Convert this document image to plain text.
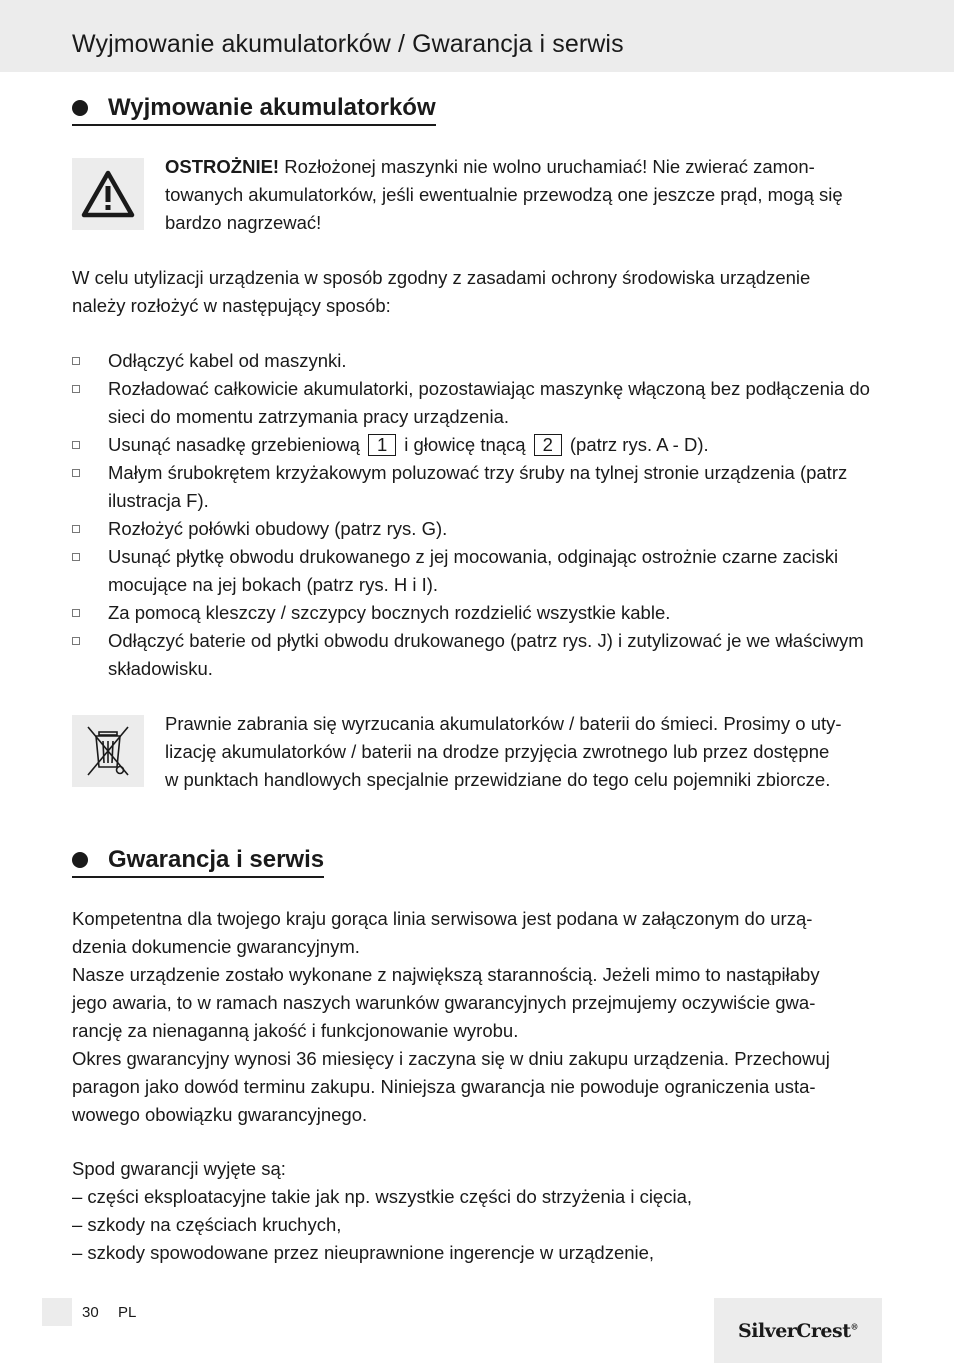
Wyjmowanie akumulatorków / Gwarancja i serwis
Wyjmowanie akumulatorków
OSTROŻNIE! Rozłożonej maszynki nie wolno uruchamiać! Nie zwierać zamon-
towanych akumulatorków, jeśli ewentualnie przewodzą one jeszcze prąd, mogą się
bardzo nagrzewać!
W celu utylizacji urządzenia w sposób zgodny z zasadami ochrony środowiska urządzenie
należy rozłożyć w następujący sposób:
Odłączyć kabel od maszynki.
Rozładować całkowicie akumulatorki, pozostawiając maszynkę włączoną bez podłączenia do sieci do momentu zatrzymania pracy urządzenia.
Usunąć nasadkę grzebieniową 1 i głowicę tnącą 2 (patrz rys. A - D).
Małym śrubokrętem krzyżakowym poluzować trzy śruby na tylnej stronie urządzenia (patrz ilustracja F).
Rozłożyć połówki obudowy (patrz rys. G).
Usunąć płytkę obwodu drukowanego z jej mocowania, odginając ostrożnie czarne zaciski mocujące na jej bokach (patrz rys. H i I).
Za pomocą kleszczy / szczypcy bocznych rozdzielić wszystkie kable.
Odłączyć baterie od płytki obwodu drukowanego (patrz rys. J) i zutylizować je we właściwym składowisku.
Prawnie zabrania się wyrzucania akumulatorków / baterii do śmieci. Prosimy o uty-
lizację akumulatorków / baterii na drodze przyjęcia zwrotnego lub przez dostępne
w punktach handlowych specjalnie przewidziane do tego celu pojemniki zbiorcze.
Gwarancja i serwis
Kompetentna dla twojego kraju gorąca linia serwisowa jest podana w załączonym do urzą-
dzenia dokumencie gwarancyjnym.
Nasze urządzenie zostało wykonane z największą starannością. Jeżeli mimo to nastąpiłaby
jego awaria, to w ramach naszych warunków gwarancyjnych przejmujemy oczywiście gwa-
rancję za nienaganną jakość i funkcjonowanie wyrobu.
Okres gwarancyjny wynosi 36 miesięcy i zaczyna się w dniu zakupu urządzenia. Przechowuj
paragon jako dowód terminu zakupu. Niniejsza gwarancja nie powoduje ograniczenia usta-
wowego obowiązku gwarancyjnego.
Spod gwarancji wyjęte są:
– części eksploatacyjne takie jak np. wszystkie części do strzyżenia i cięcia,
– szkody na częściach kruchych,
– szkody spowodowane przez nieuprawnione ingerencje w urządzenie,
30 PL
SilverCrest®
